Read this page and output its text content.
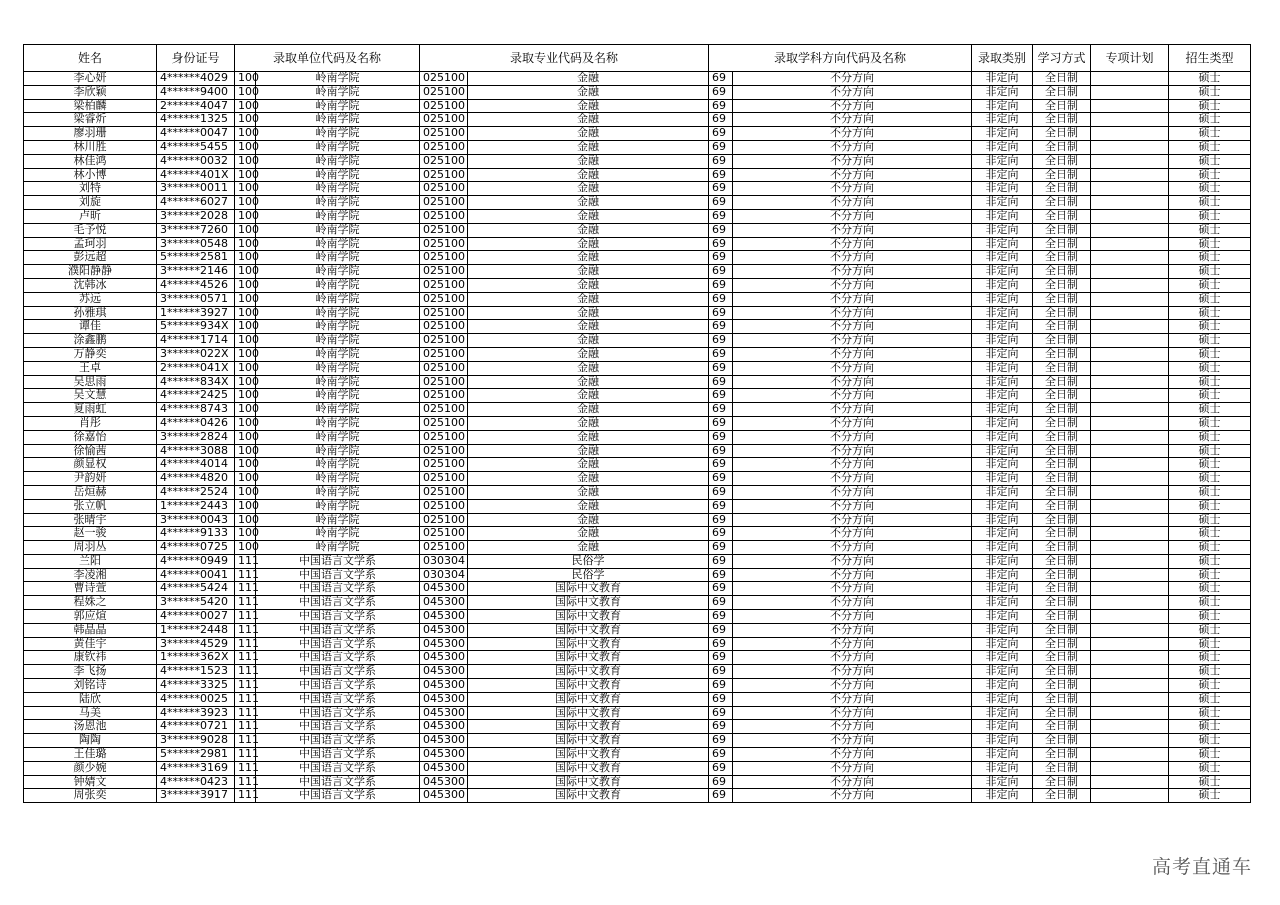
姓名	身份证号	录取单位代码及名称		录取专业代码及名称		录取学科方向代码及名称		录取类别	学习方式	专项计划	招生类型
李心妍	4******4029	100	岭南学院	025100	金融	69	不分方向	非定向	全日制		硕士
李欣颖	4******9400	100	岭南学院	025100	金融	69	不分方向	非定向	全日制		硕士
梁柏麟	2******4047	100	岭南学院	025100	金融	69	不分方向	非定向	全日制		硕士
梁睿炘	4******1325	100	岭南学院	025100	金融	69	不分方向	非定向	全日制		硕士
廖羽珊	4******0047	100	岭南学院	025100	金融	69	不分方向	非定向	全日制		硕士
林川胜	4******5455	100	岭南学院	025100	金融	69	不分方向	非定向	全日制		硕士
林佳鸿	4******0032	100	岭南学院	025100	金融	69	不分方向	非定向	全日制		硕士
林小博	4******401X	100	岭南学院	025100	金融	69	不分方向	非定向	全日制		硕士
刘特	3******0011	100	岭南学院	025100	金融	69	不分方向	非定向	全日制		硕士
刘旋	4******6027	100	岭南学院	025100	金融	69	不分方向	非定向	全日制		硕士
卢昕	3******2028	100	岭南学院	025100	金融	69	不分方向	非定向	全日制		硕士
毛予悦	3******7260	100	岭南学院	025100	金融	69	不分方向	非定向	全日制		硕士
孟珂羽	3******0548	100	岭南学院	025100	金融	69	不分方向	非定向	全日制		硕士
彭远超	5******2581	100	岭南学院	025100	金融	69	不分方向	非定向	全日制		硕士
濮阳静静	3******2146	100	岭南学院	025100	金融	69	不分方向	非定向	全日制		硕士
沈韩冰	4******4526	100	岭南学院	025100	金融	69	不分方向	非定向	全日制		硕士
苏远	3******0571	100	岭南学院	025100	金融	69	不分方向	非定向	全日制		硕士
孙雅琪	1******3927	100	岭南学院	025100	金融	69	不分方向	非定向	全日制		硕士
谭佳	5******934X	100	岭南学院	025100	金融	69	不分方向	非定向	全日制		硕士
涂鑫鹏	4******1714	100	岭南学院	025100	金融	69	不分方向	非定向	全日制		硕士
万静奕	3******022X	100	岭南学院	025100	金融	69	不分方向	非定向	全日制		硕士
王卓	2******041X	100	岭南学院	025100	金融	69	不分方向	非定向	全日制		硕士
吴思雨	4******834X	100	岭南学院	025100	金融	69	不分方向	非定向	全日制		硕士
吴文慧	4******2425	100	岭南学院	025100	金融	69	不分方向	非定向	全日制		硕士
夏雨虹	4******8743	100	岭南学院	025100	金融	69	不分方向	非定向	全日制		硕士
肖彤	4******0426	100	岭南学院	025100	金融	69	不分方向	非定向	全日制		硕士
徐嘉怡	3******2824	100	岭南学院	025100	金融	69	不分方向	非定向	全日制		硕士
徐愉茜	4******3088	100	岭南学院	025100	金融	69	不分方向	非定向	全日制		硕士
颜显权	4******4014	100	岭南学院	025100	金融	69	不分方向	非定向	全日制		硕士
尹韵妍	4******4820	100	岭南学院	025100	金融	69	不分方向	非定向	全日制		硕士
岳烜赫	4******2524	100	岭南学院	025100	金融	69	不分方向	非定向	全日制		硕士
张立帆	1******2443	100	岭南学院	025100	金融	69	不分方向	非定向	全日制		硕士
张晴宇	3******0043	100	岭南学院	025100	金融	69	不分方向	非定向	全日制		硕士
赵一骏	4******9133	100	岭南学院	025100	金融	69	不分方向	非定向	全日制		硕士
周羽丛	4******0725	100	岭南学院	025100	金融	69	不分方向	非定向	全日制		硕士
兰阳	4******0949	111	中国语言文学系	030304	民俗学	69	不分方向	非定向	全日制		硕士
李凌湘	4******0041	111	中国语言文学系	030304	民俗学	69	不分方向	非定向	全日制		硕士
曹诗萱	4******5424	111	中国语言文学系	045300	国际中文教育	69	不分方向	非定向	全日制		硕士
程姝之	3******5420	111	中国语言文学系	045300	国际中文教育	69	不分方向	非定向	全日制		硕士
郭应煊	4******0027	111	中国语言文学系	045300	国际中文教育	69	不分方向	非定向	全日制		硕士
韩晶晶	1******2448	111	中国语言文学系	045300	国际中文教育	69	不分方向	非定向	全日制		硕士
黄佳宇	3******4529	111	中国语言文学系	045300	国际中文教育	69	不分方向	非定向	全日制		硕士
康钦祎	1******362X	111	中国语言文学系	045300	国际中文教育	69	不分方向	非定向	全日制		硕士
李飞扬	4******1523	111	中国语言文学系	045300	国际中文教育	69	不分方向	非定向	全日制		硕士
刘铭诗	4******3325	111	中国语言文学系	045300	国际中文教育	69	不分方向	非定向	全日制		硕士
陆欣	4******0025	111	中国语言文学系	045300	国际中文教育	69	不分方向	非定向	全日制		硕士
马美	4******3923	111	中国语言文学系	045300	国际中文教育	69	不分方向	非定向	全日制		硕士
汤恩池	4******0721	111	中国语言文学系	045300	国际中文教育	69	不分方向	非定向	全日制		硕士
陶陶	3******9028	111	中国语言文学系	045300	国际中文教育	69	不分方向	非定向	全日制		硕士
王佳璐	5******2981	111	中国语言文学系	045300	国际中文教育	69	不分方向	非定向	全日制		硕士
颜少婉	4******3169	111	中国语言文学系	045300	国际中文教育	69	不分方向	非定向	全日制		硕士
钟婧文	4******0423	111	中国语言文学系	045300	国际中文教育	69	不分方向	非定向	全日制		硕士
周张奕	3******3917	111	中国语言文学系	045300	国际中文教育	69	不分方向	非定向	全日制		硕士
高考直通车
